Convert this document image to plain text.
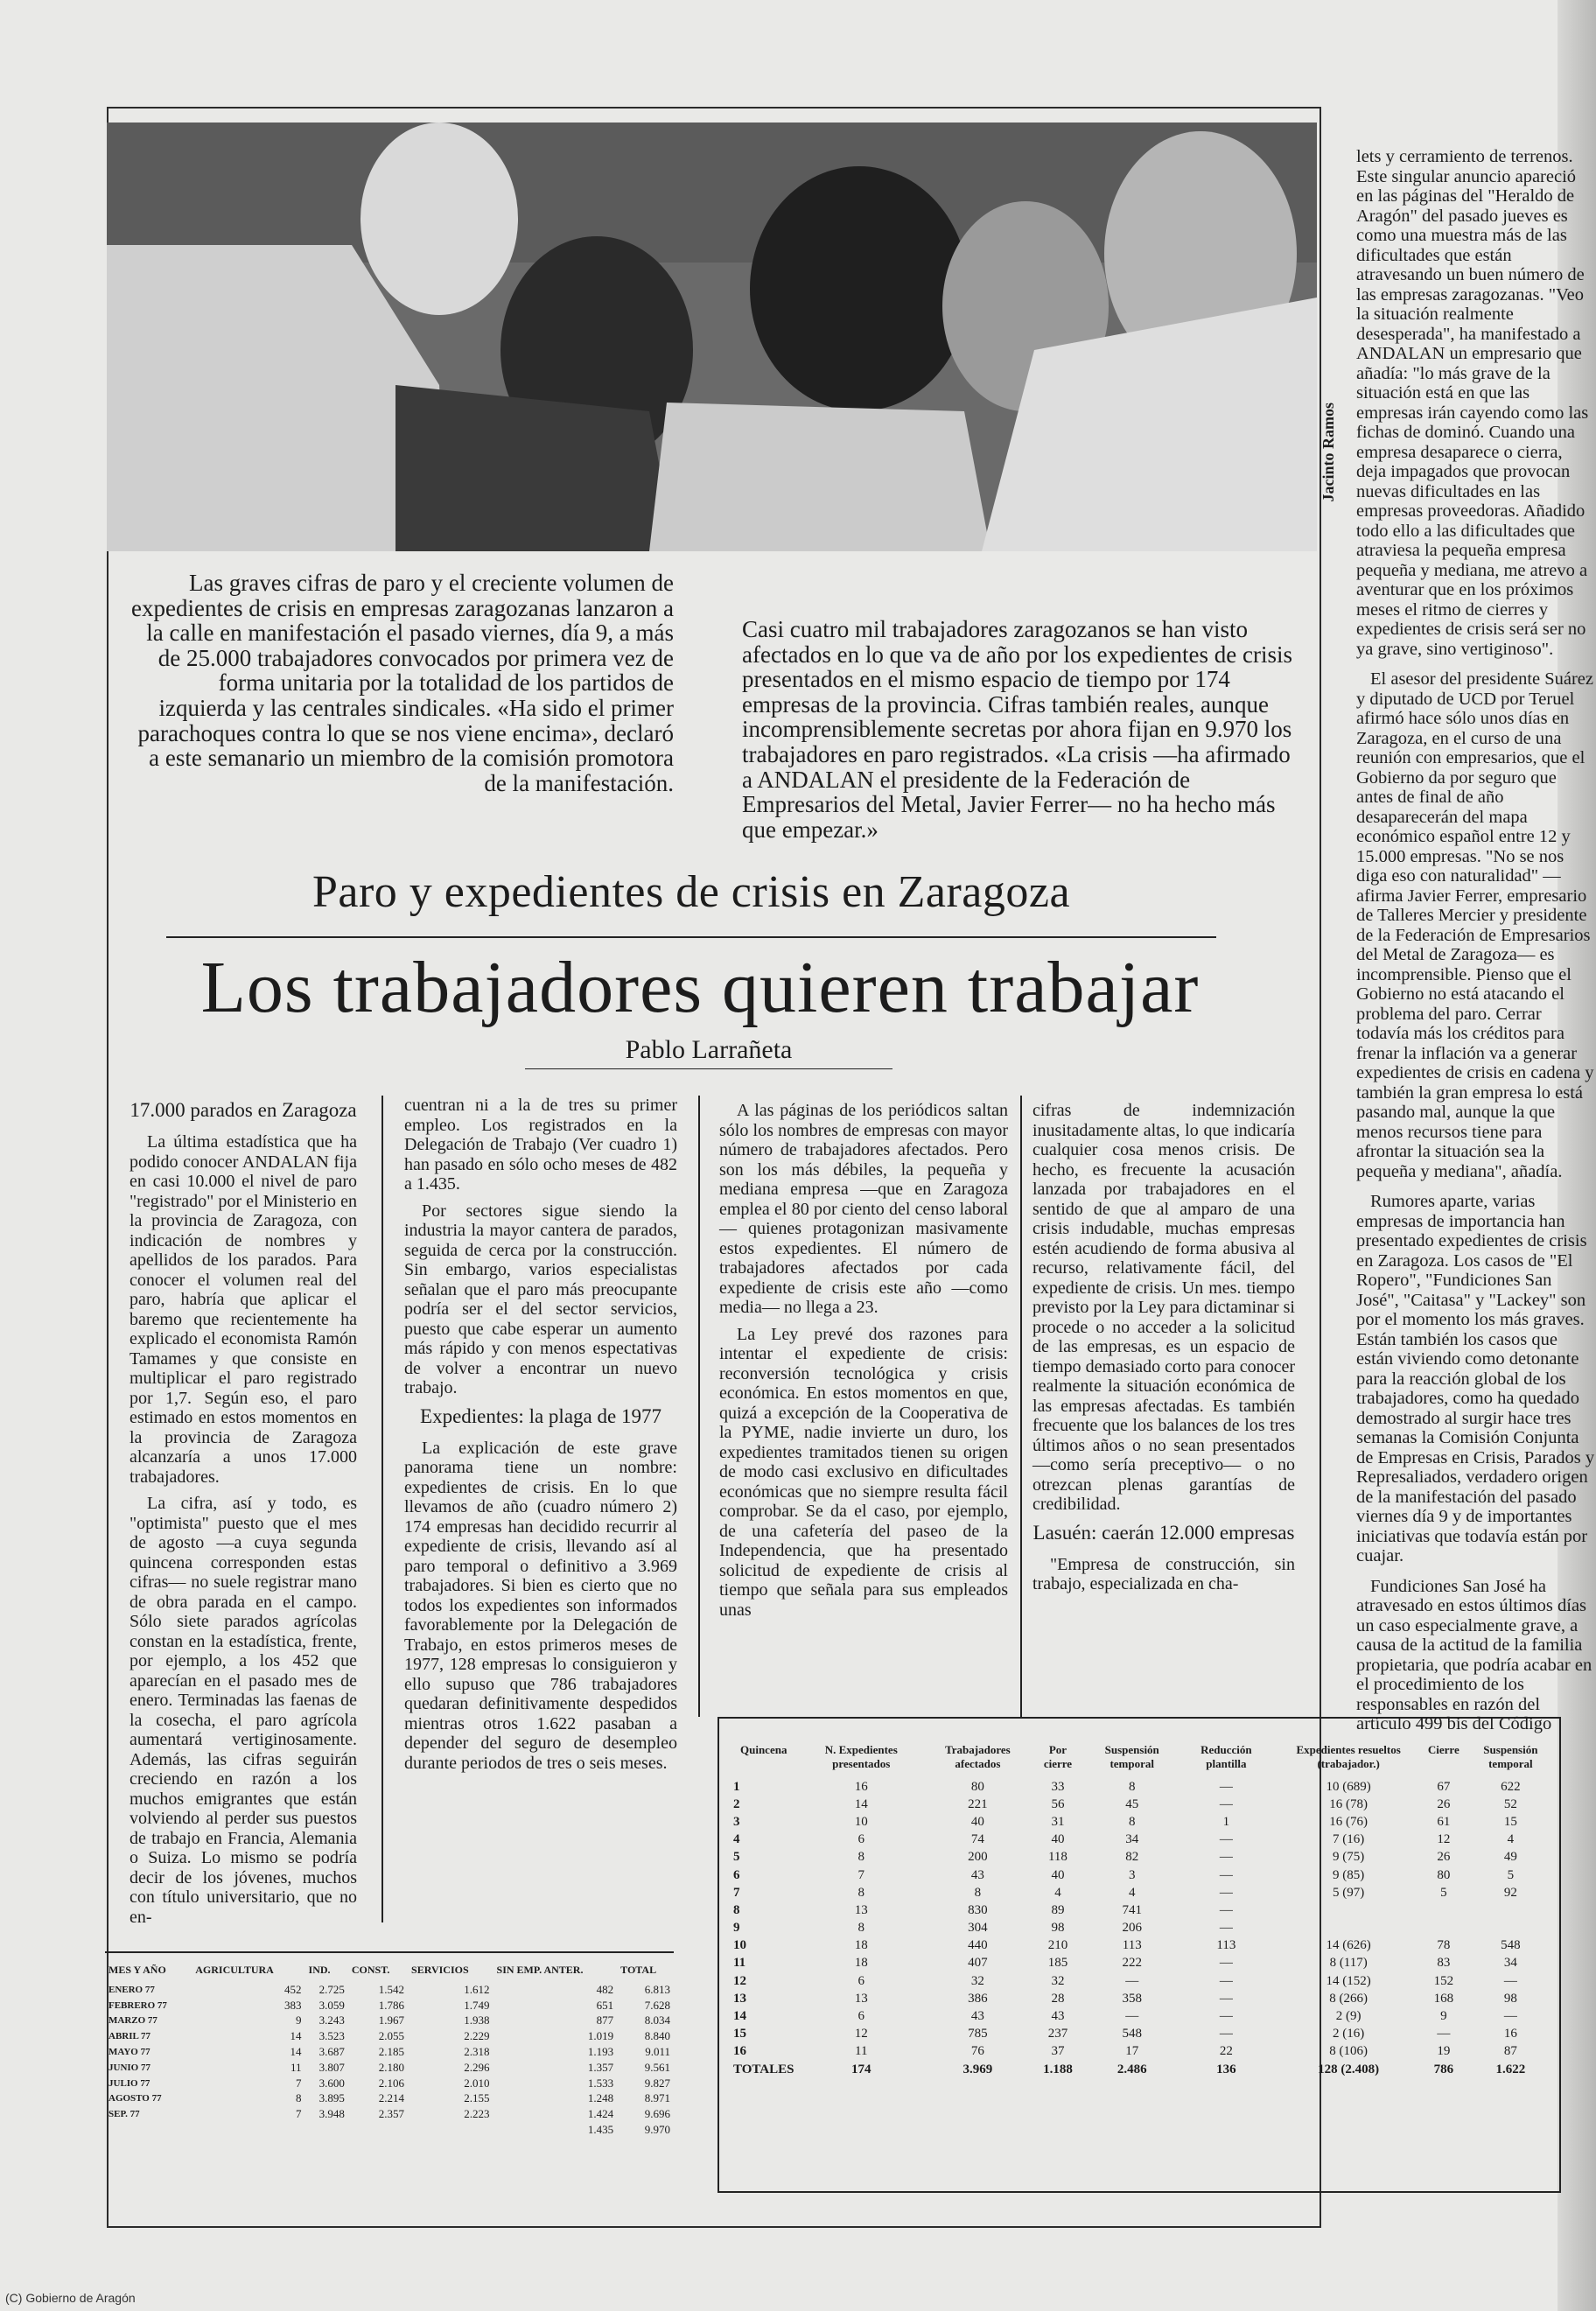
Jacinto Ramos

Las graves cifras de paro y el creciente volumen de expedientes de crisis en empresas zaragozanas lanzaron a la calle en manifestación el pasado viernes, día 9, a más de 25.000 trabajadores convocados por primera vez de forma unitaria por la totalidad de los partidos de izquierda y las centrales sindicales. «Ha sido el primer parachoques contra lo que se nos viene encima», declaró a este semanario un miembro de la comisión promotora de la manifestación.

Casi cuatro mil trabajadores zaragozanos se han visto afectados en lo que va de año por los expedientes de crisis presentados en el mismo espacio de tiempo por 174 empresas de la provincia. Cifras también reales, aunque incomprensiblemente secretas por ahora fijan en 9.970 los trabajadores en paro registrados. «La crisis —ha afirmado a ANDALAN el presidente de la Federación de Empresarios del Metal, Javier Ferrer— no ha hecho más que empezar.»

Paro y expedientes de crisis en Zaragoza
Los trabajadores quieren trabajar
Pablo Larrañeta

17.000 parados en Zaragoza

La última estadística que ha podido conocer ANDALAN fija en casi 10.000 el nivel de paro "registrado" por el Ministerio en la provincia de Zaragoza, con indicación de nombres y apellidos de los parados. Para conocer el volumen real del paro, habría que aplicar el baremo que recientemente ha explicado el economista Ramón Tamames y que consiste en multiplicar el paro registrado por 1,7. Según eso, el paro estimado en estos momentos en la provincia de Zaragoza alcanzaría a unos 17.000 trabajadores.

La cifra, así y todo, es "optimista" puesto que el mes de agosto —a cuya segunda quincena corresponden estas cifras— no suele registrar mano de obra parada en el campo. Sólo siete parados agrícolas constan en la estadística, frente, por ejemplo, a los 452 que aparecían en el pasado mes de enero. Terminadas las faenas de la cosecha, el paro agrícola aumentará vertiginosamente. Además, las cifras seguirán creciendo en razón a los muchos emigrantes que están volviendo al perder sus puestos de trabajo en Francia, Alemania o Suiza. Lo mismo se podría decir de los jóvenes, muchos con título universitario, que no en-

cuentran ni a la de tres su primer empleo. Los registrados en la Delegación de Trabajo (Ver cuadro 1) han pasado en sólo ocho meses de 482 a 1.435.

Por sectores sigue siendo la industria la mayor cantera de parados, seguida de cerca por la construcción. Sin embargo, varios especialistas señalan que el paro más preocupante podría ser el del sector servicios, puesto que cabe esperar un aumento más rápido y con menos espectativas de volver a encontrar un nuevo trabajo.

Expedientes: la plaga de 1977

La explicación de este grave panorama tiene un nombre: expedientes de crisis. En lo que llevamos de año (cuadro número 2) 174 empresas han decidido recurrir al expediente de crisis, llevando así al paro temporal o definitivo a 3.969 trabajadores. Si bien es cierto que no todos los expedientes son informados favorablemente por la Delegación de Trabajo, en estos primeros meses de 1977, 128 empresas lo consiguieron y ello supuso que 786 trabajadores quedaran definitivamente despedidos mientras otros 1.622 pasaban a depender del seguro de desempleo durante periodos de tres o seis meses.

A las páginas de los periódicos saltan sólo los nombres de empresas con mayor número de trabajadores afectados. Pero son los más débiles, la pequeña y mediana empresa —que en Zaragoza emplea el 80 por ciento del censo laboral— quienes protagonizan masivamente estos expedientes. El número de trabajadores afectados por cada expediente de crisis este año —como media— no llega a 23.

La Ley prevé dos razones para intentar el expediente de crisis: reconversión tecnológica y crisis económica. En estos momentos en que, quizá a excepción de la Cooperativa de la PYME, nadie invierte un duro, los expedientes tramitados tienen su origen de modo casi exclusivo en dificultades económicas que no siempre resulta fácil comprobar. Se da el caso, por ejemplo, de una cafetería del paseo de la Independencia, que ha presentado solicitud de expediente de crisis al tiempo que señala para sus empleados unas

cifras de indemnización inusitadamente altas, lo que indicaría cualquier cosa menos crisis. De hecho, es frecuente la acusación lanzada por trabajadores en el sentido de que al amparo de una crisis indudable, muchas empresas estén acudiendo de forma abusiva al recurso, relativamente fácil, del expediente de crisis. Un mes. tiempo previsto por la Ley para dictaminar si procede o no acceder a la solicitud de las empresas, es un espacio de tiempo demasiado corto para conocer realmente la situación económica de las empresas afectadas. Es también frecuente que los balances de los tres últimos años o no sean presentados —como sería preceptivo— o no otrezcan plenas garantías de credibilidad.

Lasuén: caerán 12.000 empresas

"Empresa de construcción, sin trabajo, especializada en cha-

lets y cerramiento de terrenos. Este singular anuncio apareció en las páginas del "Heraldo de Aragón" del pasado jueves es como una muestra más de las dificultades que están atravesando un buen número de las empresas zaragozanas. "Veo la situación realmente desesperada", ha manifestado a ANDALAN un empresario que añadía: "lo más grave de la situación está en que las empresas irán cayendo como las fichas de dominó. Cuando una empresa desaparece o cierra, deja impagados que provocan nuevas dificultades en las empresas proveedoras. Añadido todo ello a las dificultades que atraviesa la pequeña empresa pequeña y mediana, me atrevo a aventurar que en los próximos meses el ritmo de cierres y expedientes de crisis será ser no ya grave, sino vertiginoso".

El asesor del presidente Suárez y diputado de UCD por Teruel afirmó hace sólo unos días en Zaragoza, en el curso de una reunión con empresarios, que el Gobierno da por seguro que antes de final de año desaparecerán del mapa económico español entre 12 y 15.000 empresas. "No se nos diga eso con naturalidad" —afirma Javier Ferrer, empresario de Talleres Mercier y presidente de la Federación de Empresarios del Metal de Zaragoza— es incomprensible. Pienso que el Gobierno no está atacando el problema del paro. Cerrar todavía más los créditos para frenar la inflación va a generar expedientes de crisis en cadena y también la gran empresa lo está pasando mal, aunque la que menos recursos tiene para afrontar la situación sea la pequeña y mediana", añadía.

Rumores aparte, varias empresas de importancia han presentado expedientes de crisis en Zaragoza. Los casos de "El Ropero", "Fundiciones San José", "Caitasa" y "Lackey" son por el momento los más graves. Están también los casos que están viviendo como detonante para la reacción global de los trabajadores, como ha quedado demostrado al surgir hace tres semanas la Comisión Conjunta de Empresas en Crisis, Parados y Represaliados, verdadero origen de la manifestación del pasado viernes día 9 y de importantes iniciativas que todavía están por cuajar.

Fundiciones San José ha atravesado en estos últimos días un caso especialmente grave, a causa de la actitud de la familia propietaria, que podría acabar en el procedimiento de los responsables en razón del artículo 499 bis del Código

MES Y AÑO	AGRICULTURA	IND.	CONST.	SERVICIOS	SIN EMP. ANTER.	TOTAL
ENERO 77	452	2.725	1.542	1.612	482	6.813
FEBRERO 77	383	3.059	1.786	1.749	651	7.628
MARZO 77	9	3.243	1.967	1.938	877	8.034
ABRIL 77	14	3.523	2.055	2.229	1.019	8.840
MAYO 77	14	3.687	2.185	2.318	1.193	9.011
JUNIO 77	11	3.807	2.180	2.296	1.357	9.561
JULIO 77	7	3.600	2.106	2.010	1.533	9.827
AGOSTO 77	8	3.895	2.214	2.155	1.248	8.971
SEP. 77	7	3.948	2.357	2.223	1.424	9.696
					1.435	9.970
Quincena	N. Expedientes presentados	Trabajadores afectados	Por cierre	Suspensión temporal	Reducción plantilla	Expedientes resueltos (trabajador.)	Cierre	Suspensión temporal
1	16	80	33	8	—	10 (689)	67	622
2	14	221	56	45	—	16 (78)	26	52
3	10	40	31	8	1	16 (76)	61	15
4	6	74	40	34	—	7 (16)	12	4
5	8	200	118	82	—	9 (75)	26	49
6	7	43	40	3	—	9 (85)	80	5
7	8	8	4	4	—	5 (97)	5	92
8	13	830	89	741	—			
9	8	304	98	206	—			
10	18	440	210	113	113	14 (626)	78	548
11	18	407	185	222	—	8 (117)	83	34
12	6	32	32	—	—	14 (152)	152	—
13	13	386	28	358	—	8 (266)	168	98
14	6	43	43	—	—	2 (9)	9	—
15	12	785	237	548	—	2 (16)	—	16
16	11	76	37	17	22	8 (106)	19	87
TOTALES	174	3.969	1.188	2.486	136	128 (2.408)	786	1.622
(C) Gobierno de Aragón
